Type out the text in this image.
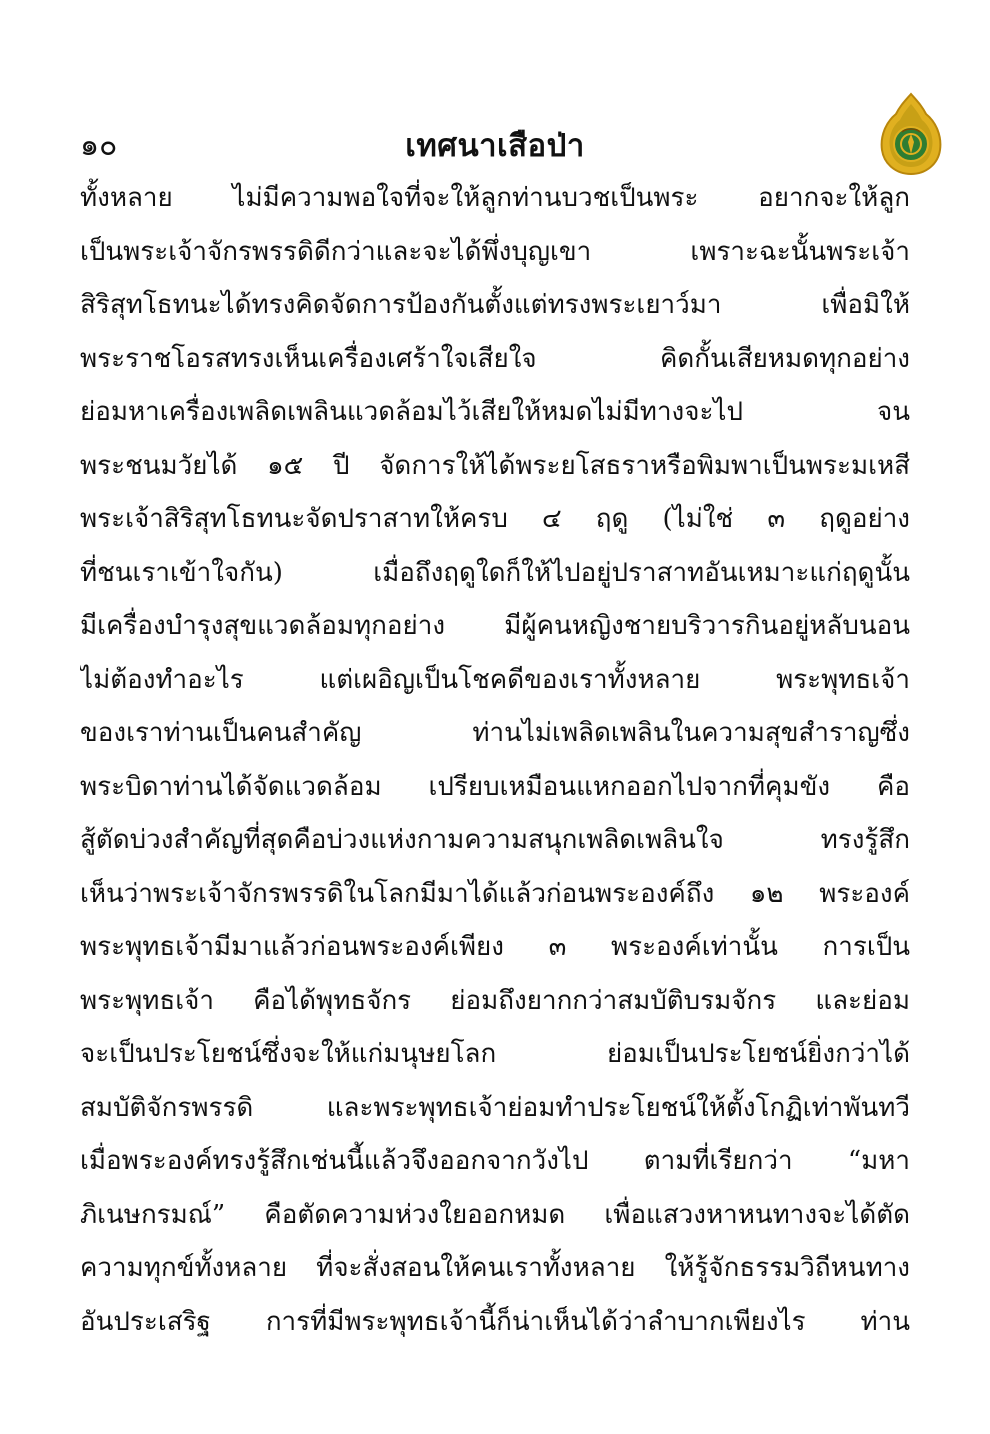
๑๐	เทศนาเสือป่า
ทั้งหลาย ไม่มีความพอใจที่จะให้ลูกท่านบวชเป็นพระ อยากจะให้ลูก
เป็นพระเจ้าจักรพรรดิดีกว่าและจะได้พึ่งบุญเขา เพราะฉะนั้นพระเจ้า
สิริสุทโธทนะได้ทรงคิดจัดการป้องกันตั้งแต่ทรงพระเยาว์มา เพื่อมิให้
พระราชโอรสทรงเห็นเครื่องเศร้าใจเสียใจ คิดกั้นเสียหมดทุกอย่าง
ย่อมหาเครื่องเพลิดเพลินแวดล้อมไว้เสียให้หมดไม่มีทางจะไป จน
พระชนมวัยได้ ๑๕ ปี จัดการให้ได้พระยโสธราหรือพิมพาเป็นพระมเหสี
พระเจ้าสิริสุทโธทนะจัดปราสาทให้ครบ ๔ ฤดู (ไม่ใช่ ๓ ฤดูอย่าง
ที่ชนเราเข้าใจกัน) เมื่อถึงฤดูใดก็ให้ไปอยู่ปราสาทอันเหมาะแก่ฤดูนั้น
มีเครื่องบำรุงสุขแวดล้อมทุกอย่าง มีผู้คนหญิงชายบริวารกินอยู่หลับนอน
ไม่ต้องทำอะไร แต่เผอิญเป็นโชคดีของเราทั้งหลาย พระพุทธเจ้า
ของเราท่านเป็นคนสำคัญ ท่านไม่เพลิดเพลินในความสุขสำราญซึ่ง
พระบิดาท่านได้จัดแวดล้อม เปรียบเหมือนแหกออกไปจากที่คุมขัง คือ
สู้ตัดบ่วงสำคัญที่สุดคือบ่วงแห่งกามความสนุกเพลิดเพลินใจ ทรงรู้สึก
เห็นว่าพระเจ้าจักรพรรดิในโลกมีมาได้แล้วก่อนพระองค์ถึง ๑๒ พระองค์
พระพุทธเจ้ามีมาแล้วก่อนพระองค์เพียง ๓ พระองค์เท่านั้น การเป็น
พระพุทธเจ้า คือได้พุทธจักร ย่อมถึงยากกว่าสมบัติบรมจักร และย่อม
จะเป็นประโยชน์ซึ่งจะให้แก่มนุษยโลก ย่อมเป็นประโยชน์ยิ่งกว่าได้
สมบัติจักรพรรดิ และพระพุทธเจ้าย่อมทำประโยชน์ให้ตั้งโกฏิเท่าพันทวี
เมื่อพระองค์ทรงรู้สึกเช่นนี้แล้วจึงออกจากวังไป ตามที่เรียกว่า “มหา
ภิเนษกรมณ์” คือตัดความห่วงใยออกหมด เพื่อแสวงหาหนทางจะได้ตัด
ความทุกข์ทั้งหลาย ที่จะสั่งสอนให้คนเราทั้งหลาย ให้รู้จักธรรมวิถีหนทาง
อันประเสริฐ การที่มีพระพุทธเจ้านี้ก็น่าเห็นได้ว่าลำบากเพียงไร ท่าน
